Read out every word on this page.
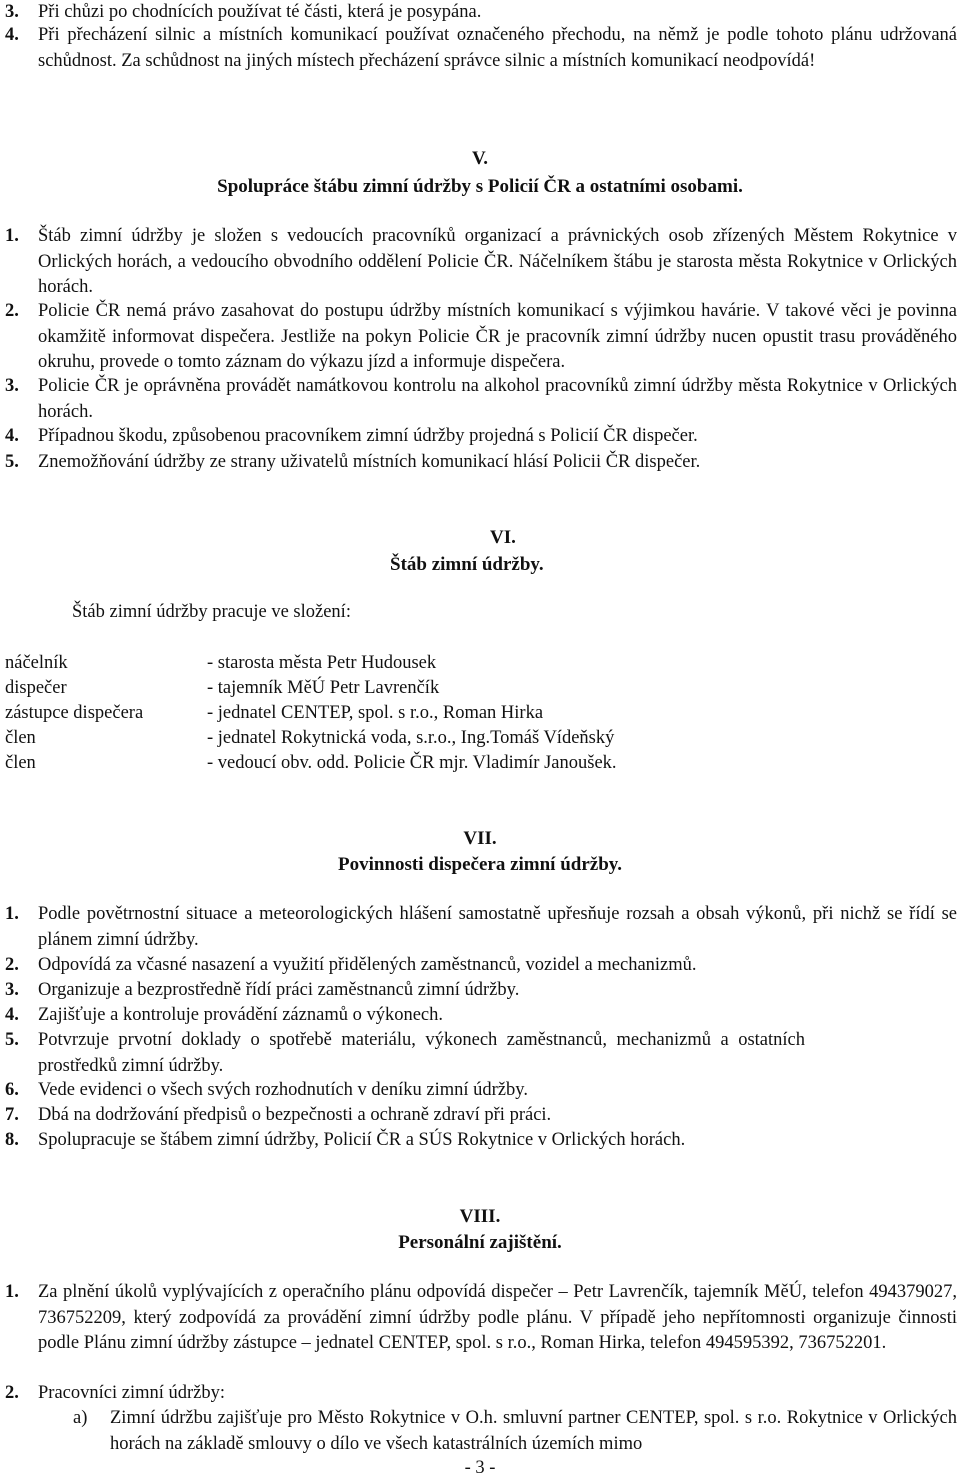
3.	Při chůzi po chodnících používat té části, která je posypána.
4.	Při přecházení silnic a místních komunikací používat označeného přechodu, na němž je podle tohoto plánu udržovaná schůdnost. Za schůdnost na jiných místech přecházení správce silnic a místních komunikací neodpovídá!
V.
Spolupráce štábu zimní údržby s Policií ČR a ostatními osobami.
1.	Štáb zimní údržby je složen s vedoucích pracovníků organizací a právnických osob zřízených Městem Rokytnice v Orlických horách, a vedoucího obvodního oddělení Policie ČR. Náčelníkem štábu je starosta města Rokytnice v Orlických horách.
2.	Policie ČR nemá právo zasahovat do postupu údržby místních komunikací s výjimkou havárie. V takové věci je povinna okamžitě informovat dispečera. Jestliže na pokyn Policie ČR je pracovník zimní údržby nucen opustit trasu prováděného okruhu, provede o tomto záznam do výkazu jízd a informuje dispečera.
3.	Policie ČR je oprávněna provádět namátkovou kontrolu na alkohol pracovníků zimní údržby města Rokytnice v Orlických horách.
4.	Případnou škodu, způsobenou pracovníkem zimní údržby projedná s Policií ČR dispečer.
5.	Znemožňování údržby ze strany uživatelů místních komunikací hlásí Policii ČR dispečer.
VI.
Štáb zimní údržby.
Štáb zimní údržby pracuje ve složení:
náčelník	- starosta města Petr Hudousek
dispečer	- tajemník MěÚ Petr Lavrenčík
zástupce dispečera	- jednatel CENTEP, spol. s r.o., Roman Hirka
člen	- jednatel Rokytnická voda, s.r.o., Ing.Tomáš Vídeňský
člen	- vedoucí obv. odd. Policie ČR mjr. Vladimír Janoušek.
VII.
Povinnosti dispečera zimní údržby.
1.	Podle povětrnostní situace a meteorologických hlášení samostatně upřesňuje rozsah a obsah výkonů, při nichž se řídí se plánem zimní údržby.
2.	Odpovídá za včasné nasazení a využití přidělených zaměstnanců, vozidel a mechanizmů.
3.	Organizuje a bezprostředně řídí práci zaměstnanců zimní údržby.
4.	Zajišťuje a kontroluje provádění záznamů o výkonech.
5.	Potvrzuje prvotní doklady o spotřebě materiálu, výkonech zaměstnanců, mechanizmů a ostatních prostředků zimní údržby.
6.	Vede evidenci o všech svých rozhodnutích v deníku zimní údržby.
7.	Dbá na dodržování předpisů o bezpečnosti a ochraně zdraví při práci.
8.	Spolupracuje se štábem zimní údržby, Policií ČR a SÚS Rokytnice v Orlických horách.
VIII.
Personální zajištění.
1.	Za plnění úkolů vyplývajících z operačního plánu odpovídá dispečer – Petr Lavrenčík, tajemník MěÚ, telefon 494379027, 736752209, který zodpovídá za provádění zimní údržby podle plánu. V případě jeho nepřítomnosti organizuje činnosti podle Plánu zimní údržby zástupce – jednatel CENTEP, spol. s r.o., Roman Hirka, telefon 494595392, 736752201.
2.	Pracovníci zimní údržby:
a)	Zimní údržbu zajišťuje pro Město Rokytnice v O.h. smluvní partner CENTEP, spol. s r.o. Rokytnice v Orlických horách na základě smlouvy o dílo ve všech katastrálních územích mimo
- 3 -
